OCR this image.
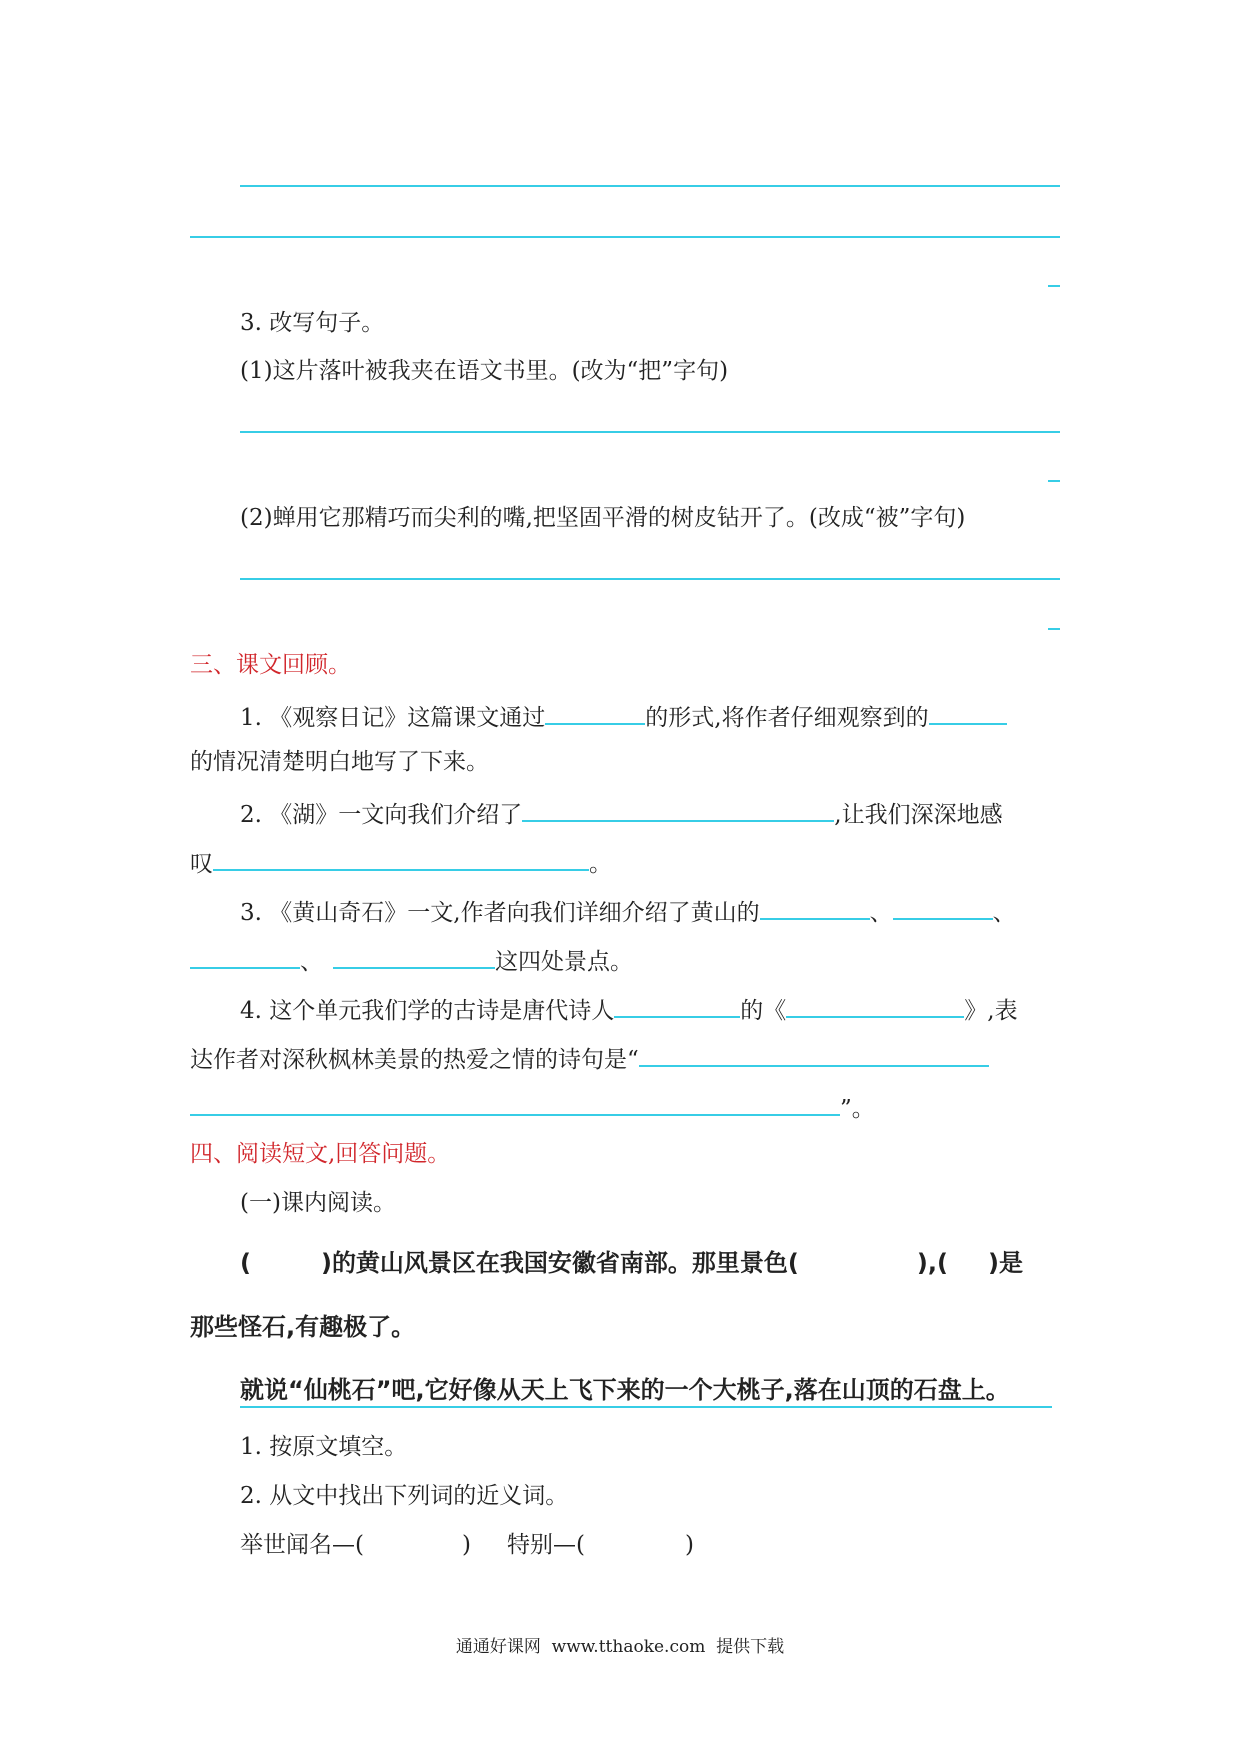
3. 改写句子。
(1)这片落叶被我夹在语文书里。(改为“把”字句)
(2)蝉用它那精巧而尖利的嘴,把坚固平滑的树皮钻开了。(改成“被”字句)
三、课文回顾。
1. 《观察日记》这篇课文通过	的形式,将作者仔细观察到的
的情况清楚明白地写了下来。
2. 《湖》一文向我们介绍了	,让我们深深地感
叹	。
3. 《黄山奇石》一文,作者向我们详细介绍了黄山的	、	、
、	这四处景点。
4. 这个单元我们学的古诗是唐代诗人	的《	》,表
达作者对深秋枫林美景的热爱之情的诗句是“
”。
四、阅读短文,回答问题。
(一)课内阅读。
(	)的黄山风景区在我国安徽省南部。那里景色(	),( )是
那些怪石,有趣极了。
就说“仙桃石”吧,它好像从天上飞下来的一个大桃子,落在山顶的石盘上。
1. 按原文填空。
2. 从文中找出下列词的近义词。
举世闻名—(	) 特别—(	)
通通好课网  www.tthaoke.com  提供下载
